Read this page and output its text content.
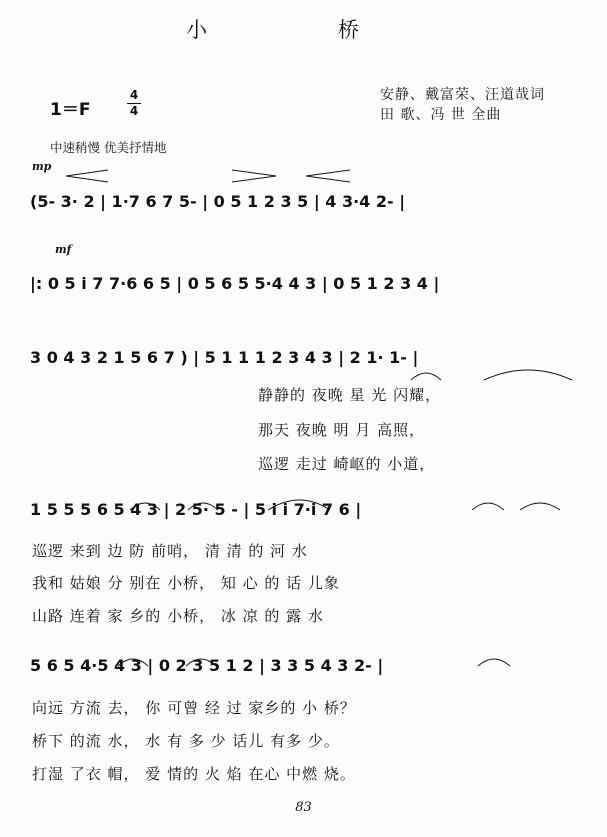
小 桥
1＝F	$\frac{4}{4}$	安静、戴富荣、汪道哉词
田 歌、冯 世 全曲
中速稍慢 优美抒情地
mp
mf
(5- 3· 2 | 1·7 6 7 5- | 0 5 1 2 3 5 | 4 3·4 2- |
|: 0 5 i 7 7·6 6 5 | 0 5 6 5 5·4 4 3 | 0 5 1 2 3 4 |
3 0 4 3 2 1 5 6 7 ) | 5 1 1 1 2 3 4 3 | 2 1· 1- |
1 5 5 5 6 5 4 3 | 2 5· 5 - | 5 i i 7·i 7 6 |
5 6 5 4·5 4 3 | 0 2 3 5 1 2 | 3 3 5 4 3 2- |
静静的 夜晚 星 光 闪耀，
那天 夜晚 明 月 高照，
巡逻 走过 崎岖的 小道，
巡逻 来到 边 防 前哨， 清 清 的 河 水
我和 姑娘 分 别在 小桥， 知 心 的 话 儿象
山路 连着 家 乡的 小桥， 冰 凉 的 露 水
向远 方流 去， 你 可曾 经 过 家乡的 小 桥？
桥下 的流 水， 水 有 多 少 话儿 有多 少。
打湿 了衣 帽， 爱 情的 火 焰 在心 中燃 烧。
83
